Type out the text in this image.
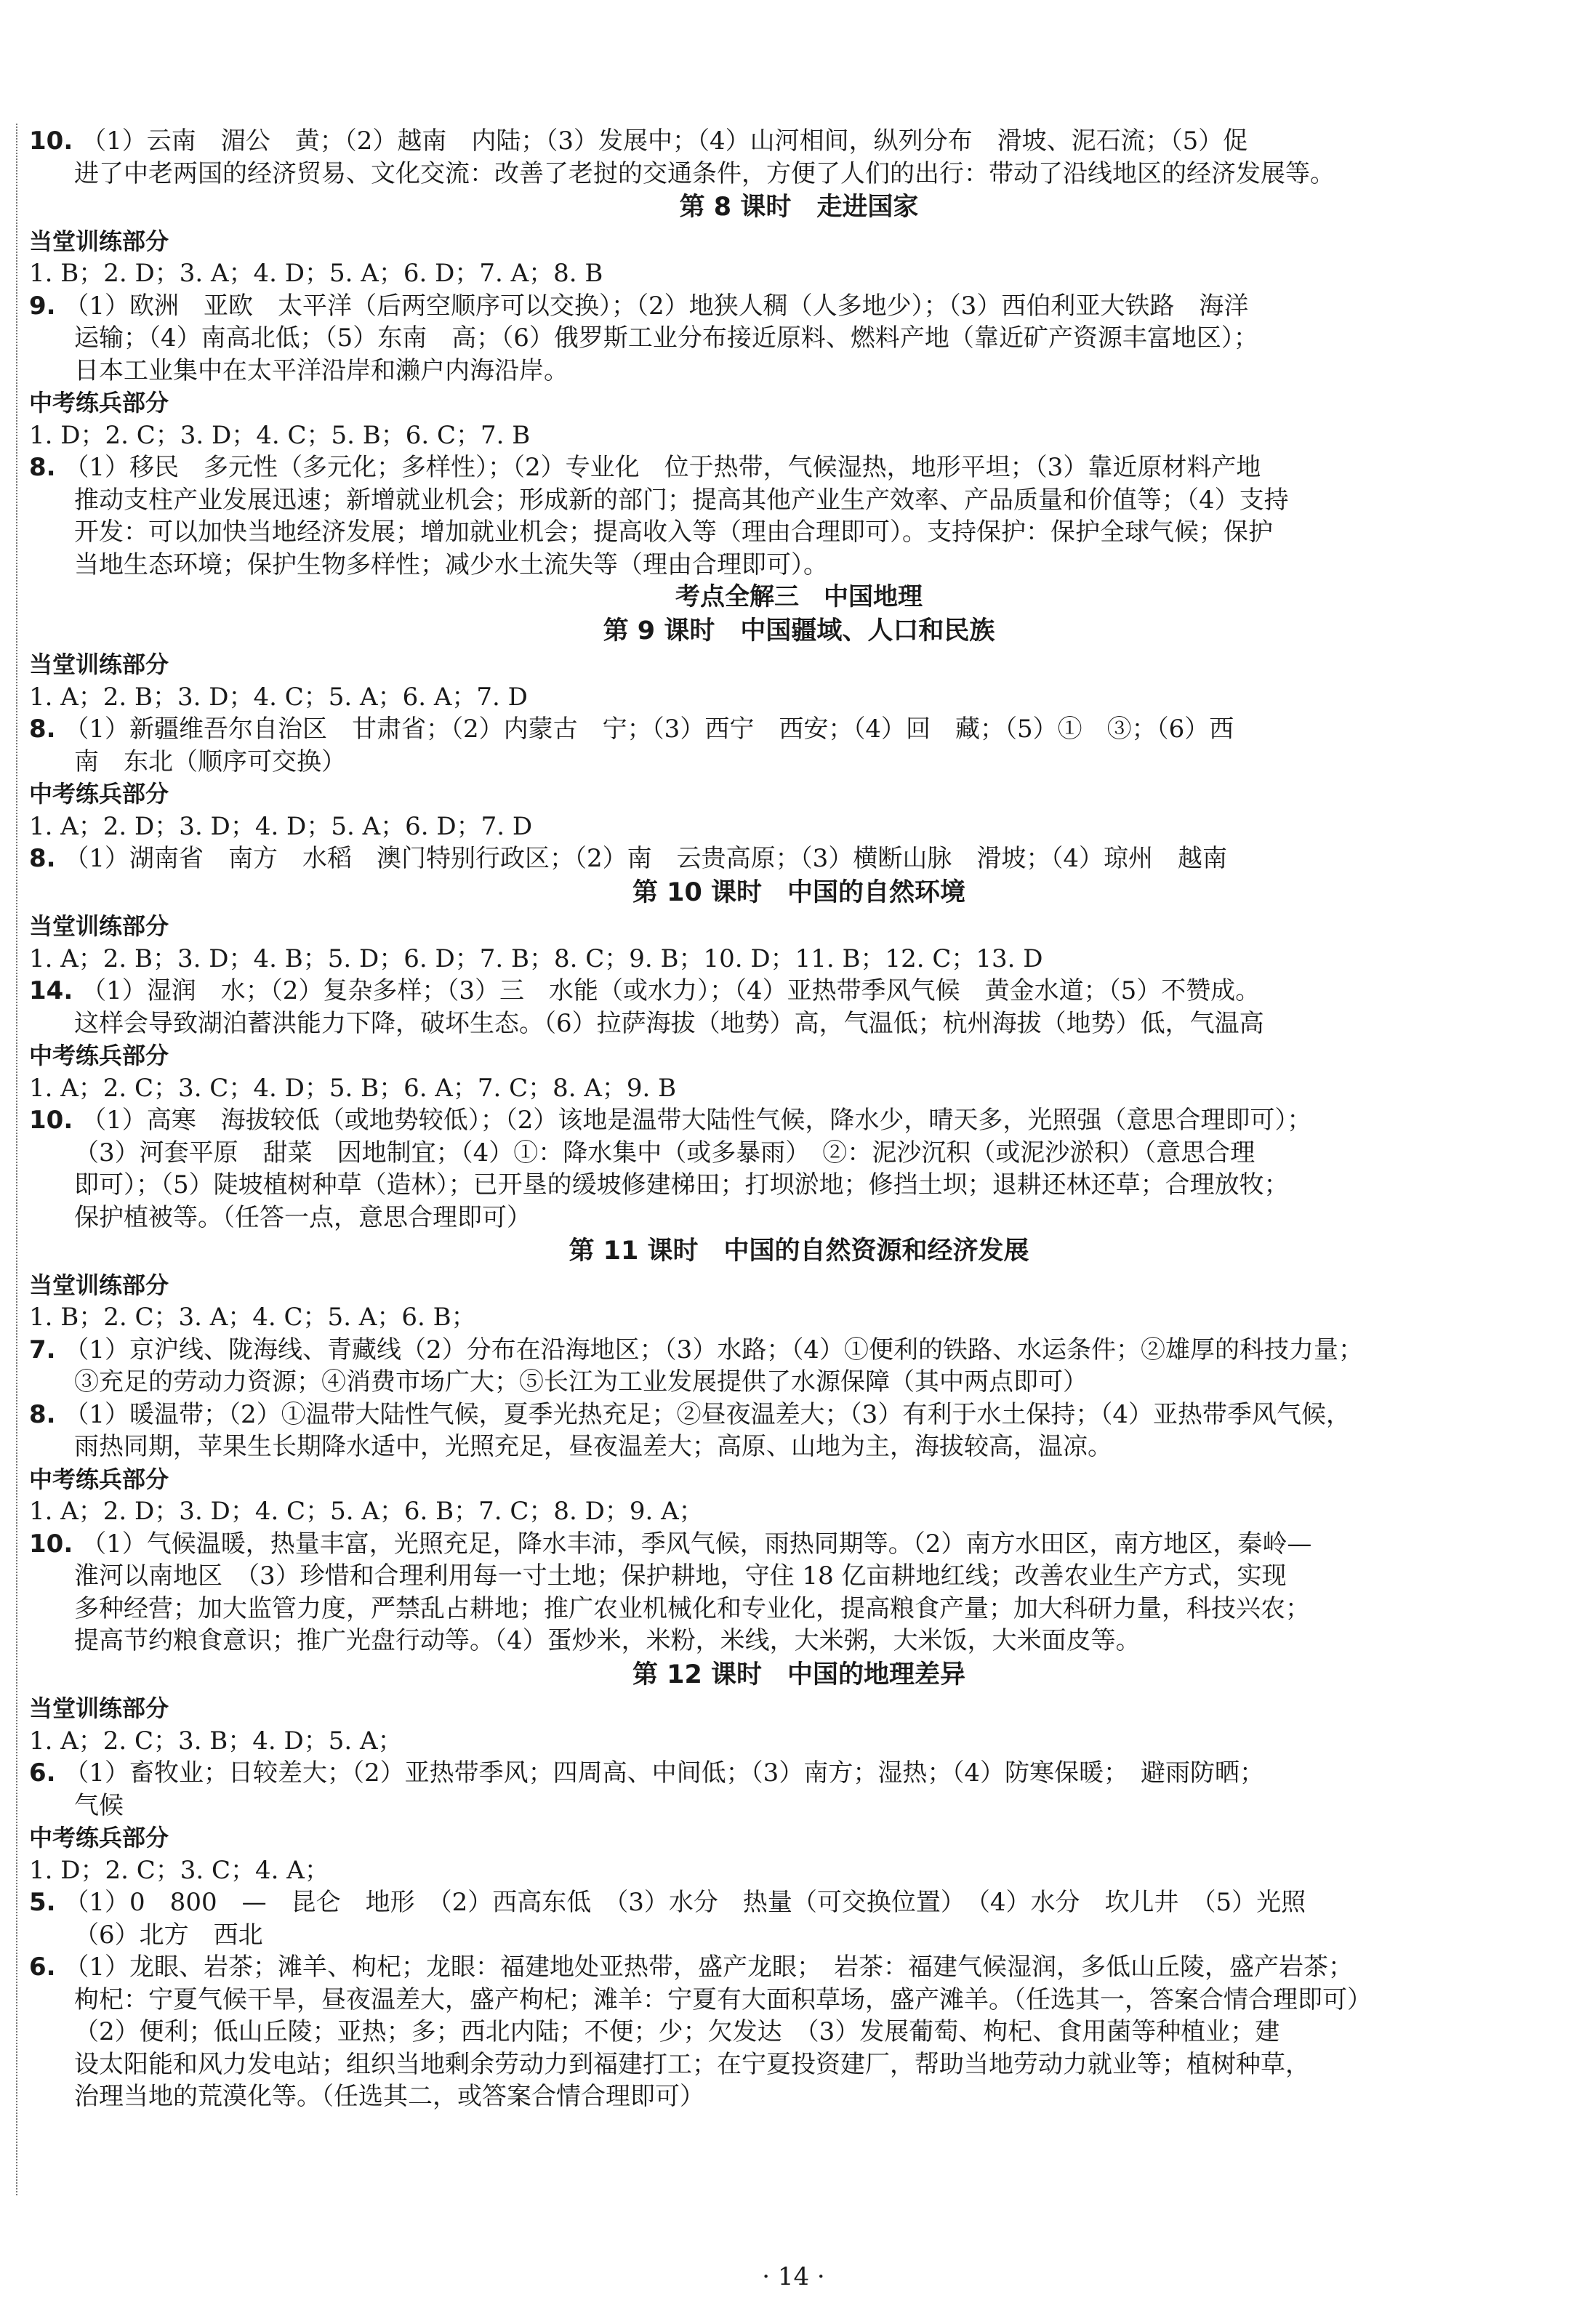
10. （1）云南　湄公　黄；（2）越南　内陆；（3）发展中；（4）山河相间，纵列分布　滑坡、泥石流；（5）促
进了中老两国的经济贸易、文化交流：改善了老挝的交通条件，方便了人们的出行：带动了沿线地区的经济发展等。
第 8 课时　走进国家
当堂训练部分
1. B；2. D；3. A；4. D；5. A；6. D；7. A；8. B
9. （1）欧洲　亚欧　太平洋（后两空顺序可以交换）；（2）地狭人稠（人多地少）；（3）西伯利亚大铁路　海洋
运输；（4）南高北低；（5）东南　高；（6）俄罗斯工业分布接近原料、燃料产地（靠近矿产资源丰富地区）；
日本工业集中在太平洋沿岸和濑户内海沿岸。
中考练兵部分
1. D；2. C；3. D；4. C；5. B；6. C；7. B
8. （1）移民　多元性（多元化；多样性）；（2）专业化　位于热带，气候湿热，地形平坦；（3）靠近原材料产地
推动支柱产业发展迅速；新增就业机会；形成新的部门；提高其他产业生产效率、产品质量和价值等；（4）支持
开发：可以加快当地经济发展；增加就业机会；提高收入等（理由合理即可）。支持保护：保护全球气候；保护
当地生态环境；保护生物多样性；减少水土流失等（理由合理即可）。
考点全解三　中国地理
第 9 课时　中国疆域、人口和民族
当堂训练部分
1. A；2. B；3. D；4. C；5. A；6. A；7. D
8. （1）新疆维吾尔自治区　甘肃省；（2）内蒙古　宁；（3）西宁　西安；（4）回　藏；（5）①　③；（6）西
南　东北（顺序可交换）
中考练兵部分
1. A；2. D；3. D；4. D；5. A；6. D；7. D
8. （1）湖南省　南方　水稻　澳门特别行政区；（2）南　云贵高原；（3）横断山脉　滑坡；（4）琼州　越南
第 10 课时　中国的自然环境
当堂训练部分
1. A；2. B；3. D；4. B；5. D；6. D；7. B；8. C；9. B；10. D；11. B；12. C；13. D
14. （1）湿润　水；（2）复杂多样；（3）三　水能（或水力）；（4）亚热带季风气候　黄金水道；（5）不赞成。
这样会导致湖泊蓄洪能力下降，破坏生态。（6）拉萨海拔（地势）高，气温低；杭州海拔（地势）低，气温高
中考练兵部分
1. A；2. C；3. C；4. D；5. B；6. A；7. C；8. A；9. B
10. （1）高寒　海拔较低（或地势较低）；（2）该地是温带大陆性气候，降水少，晴天多，光照强（意思合理即可）；
（3）河套平原　甜菜　因地制宜；（4）①：降水集中（或多暴雨）　②：泥沙沉积（或泥沙淤积）（意思合理
即可）；（5）陡坡植树种草（造林）；已开垦的缓坡修建梯田；打坝淤地；修挡土坝；退耕还林还草；合理放牧；
保护植被等。（任答一点，意思合理即可）
第 11 课时　中国的自然资源和经济发展
当堂训练部分
1. B；2. C；3. A；4. C；5. A；6. B；
7. （1）京沪线、陇海线、青藏线（2）分布在沿海地区；（3）水路；（4）①便利的铁路、水运条件；②雄厚的科技力量；
③充足的劳动力资源；④消费市场广大；⑤长江为工业发展提供了水源保障（其中两点即可）
8. （1）暖温带；（2）①温带大陆性气候，夏季光热充足；②昼夜温差大；（3）有利于水土保持；（4）亚热带季风气候，
雨热同期，苹果生长期降水适中，光照充足，昼夜温差大；高原、山地为主，海拔较高，温凉。
中考练兵部分
1. A；2. D；3. D；4. C；5. A；6. B；7. C；8. D；9. A；
10. （1）气候温暖，热量丰富，光照充足，降水丰沛，季风气候，雨热同期等。（2）南方水田区，南方地区，秦岭—
淮河以南地区　（3）珍惜和合理利用每一寸土地；保护耕地，守住 18 亿亩耕地红线；改善农业生产方式，实现
多种经营；加大监管力度，严禁乱占耕地；推广农业机械化和专业化，提高粮食产量；加大科研力量，科技兴农；
提高节约粮食意识；推广光盘行动等。（4）蛋炒米，米粉，米线，大米粥，大米饭，大米面皮等。
第 12 课时　中国的地理差异
当堂训练部分
1. A；2. C；3. B；4. D；5. A；
6. （1）畜牧业；日较差大；（2）亚热带季风；四周高、中间低；（3）南方；湿热；（4）防寒保暖；　避雨防晒；
气候
中考练兵部分
1. D；2. C；3. C；4. A；
5. （1）0　800　—　昆仑　地形　（2）西高东低　（3）水分　热量（可交换位置）　（4）水分　坎儿井　（5）光照
（6）北方　西北
6. （1）龙眼、岩茶；滩羊、枸杞；龙眼：福建地处亚热带，盛产龙眼；　岩茶：福建气候湿润，多低山丘陵，盛产岩茶；
枸杞：宁夏气候干旱，昼夜温差大，盛产枸杞；滩羊：宁夏有大面积草场，盛产滩羊。（任选其一，答案合情合理即可）
（2）便利；低山丘陵；亚热；多；西北内陆；不便；少；欠发达　（3）发展葡萄、枸杞、食用菌等种植业；建
设太阳能和风力发电站；组织当地剩余劳动力到福建打工；在宁夏投资建厂，帮助当地劳动力就业等；植树种草，
治理当地的荒漠化等。（任选其二，或答案合情合理即可）
· 14 ·
